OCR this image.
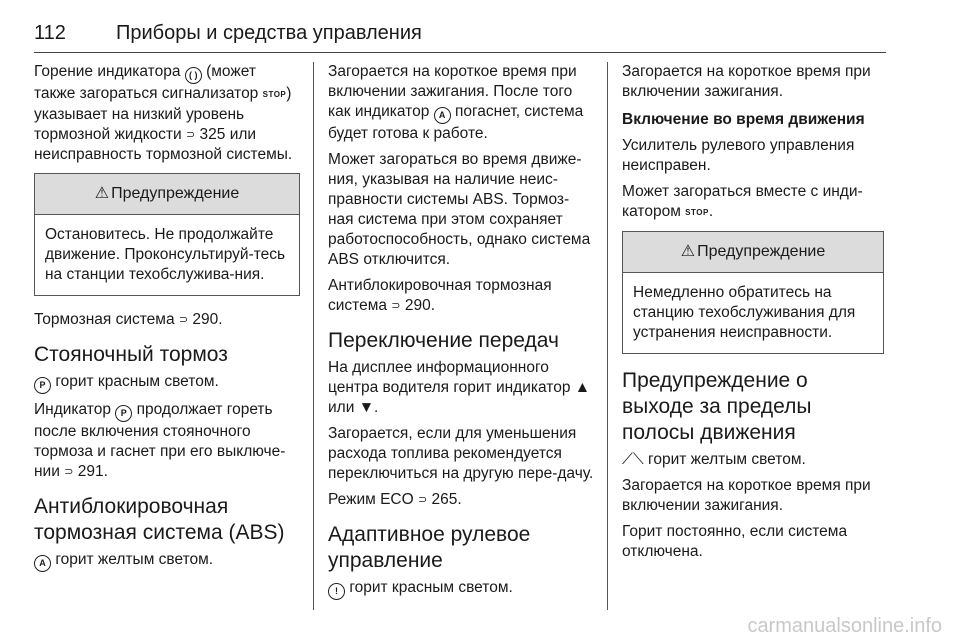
112	Приборы и средства управления

Горение индикатора ( ) (может также загораться сигнализатор STOP) указывает на низкий уровень тормозной жидкости ⊃ 325 или неисправность тормозной системы.

⚠ Предупреждение
Остановитесь. Не продолжайте движение. Проконсультируй-тесь на станции техобслужива-ния.

Тормозная система ⊃ 290.

Стояночный тормоз

P горит красным светом.

Индикатор P продолжает гореть после включения стояночного тормоза и гаснет при его выключе-нии ⊃ 291.

Антиблокировочная тормозная система (ABS)

A горит желтым светом.

Загорается на короткое время при включении зажигания. После того как индикатор A погаснет, система будет готова к работе.

Может загораться во время движе-ния, указывая на наличие неис-правности системы ABS. Тормоз-ная система при этом сохраняет работоспособность, однако система ABS отключится.

Антиблокировочная тормозная система ⊃ 290.

Переключение передач

На дисплее информационного центра водителя горит индикатор ▲ или ▼.

Загорается, если для уменьшения расхода топлива рекомендуется переключиться на другую пере-дачу.

Режим ECO ⊃ 265.

Адаптивное рулевое управление

! горит красным светом.

Загорается на короткое время при включении зажигания.

Включение во время движения

Усилитель рулевого управления неисправен.

Может загораться вместе с инди-катором STOP.

⚠ Предупреждение
Немедленно обратитесь на станцию техобслуживания для устранения неисправности.
Предупреждение о выходе за пределы полосы движения

⟋⟍ горит желтым светом.

Загорается на короткое время при включении зажигания.

Горит постоянно, если система отключена.

carmanualsonline.info
